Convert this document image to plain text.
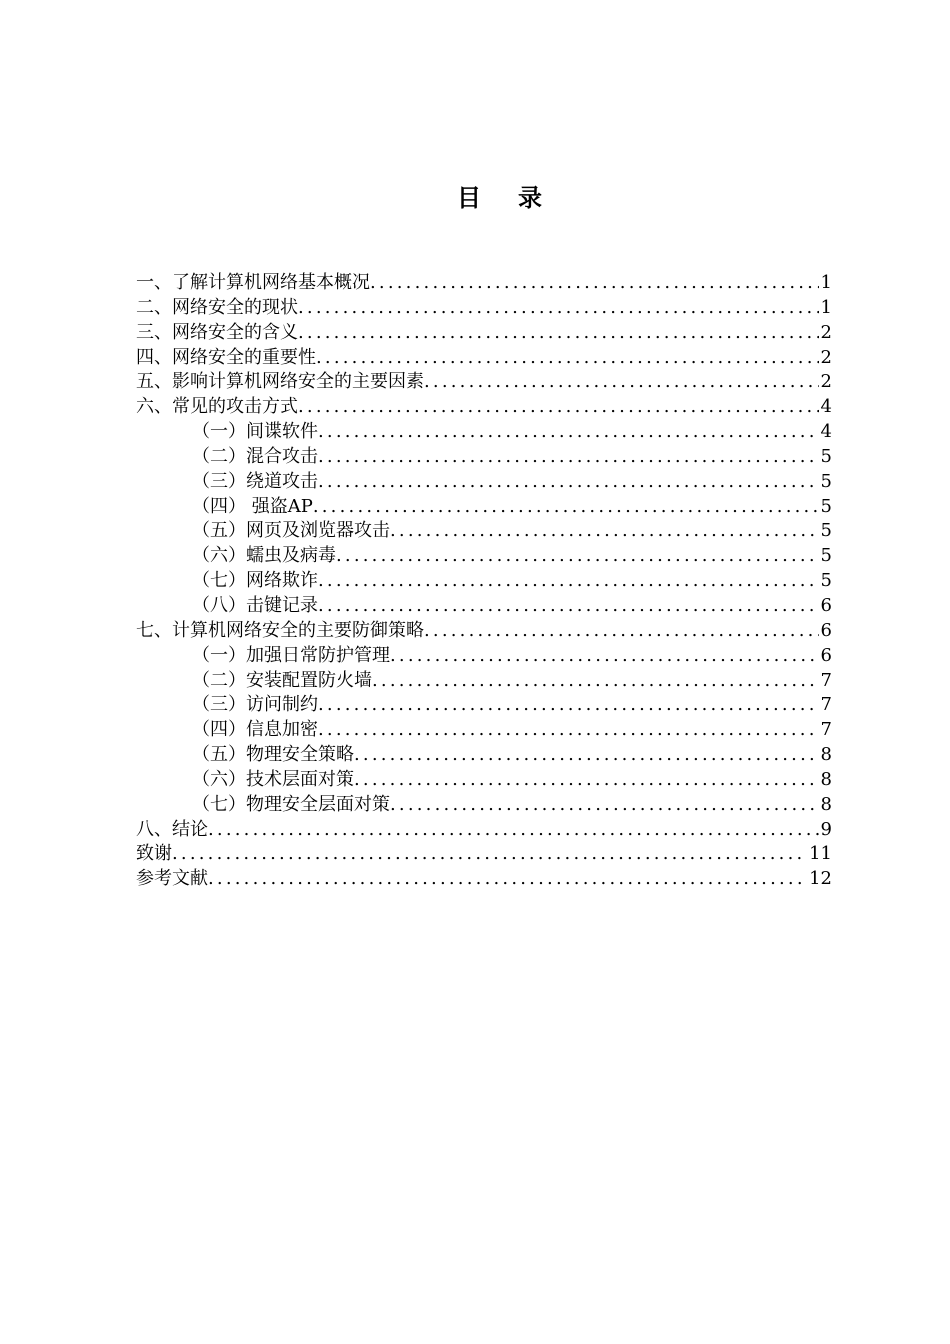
目 录
一、了解计算机网络基本概况 .....	1
二、网络安全的现状 .....	1
三、网络安全的含义 .....	2
四、网络安全的重要性 .....	2
五、影响计算机网络安全的主要因素 .....	2
六、常见的攻击方式 .....	4
（一）间谍软件 .....	4
（二）混合攻击 .....	5
（三）绕道攻击 .....	5
（四） 强盗AP .....	5
（五）网页及浏览器攻击 .....	5
（六）蠕虫及病毒 .....	5
（七）网络欺诈 .....	5
（八）击键记录 .....	6
七、计算机网络安全的主要防御策略 .....	6
（一）加强日常防护管理 .....	6
（二）安装配置防火墙 .....	7
（三）访问制约 .....	7
（四）信息加密 .....	7
（五）物理安全策略 .....	8
（六）技术层面对策 .....	8
（七）物理安全层面对策 .....	8
八、结论 .....	9
致谢 .....	11
参考文献 .....	12
